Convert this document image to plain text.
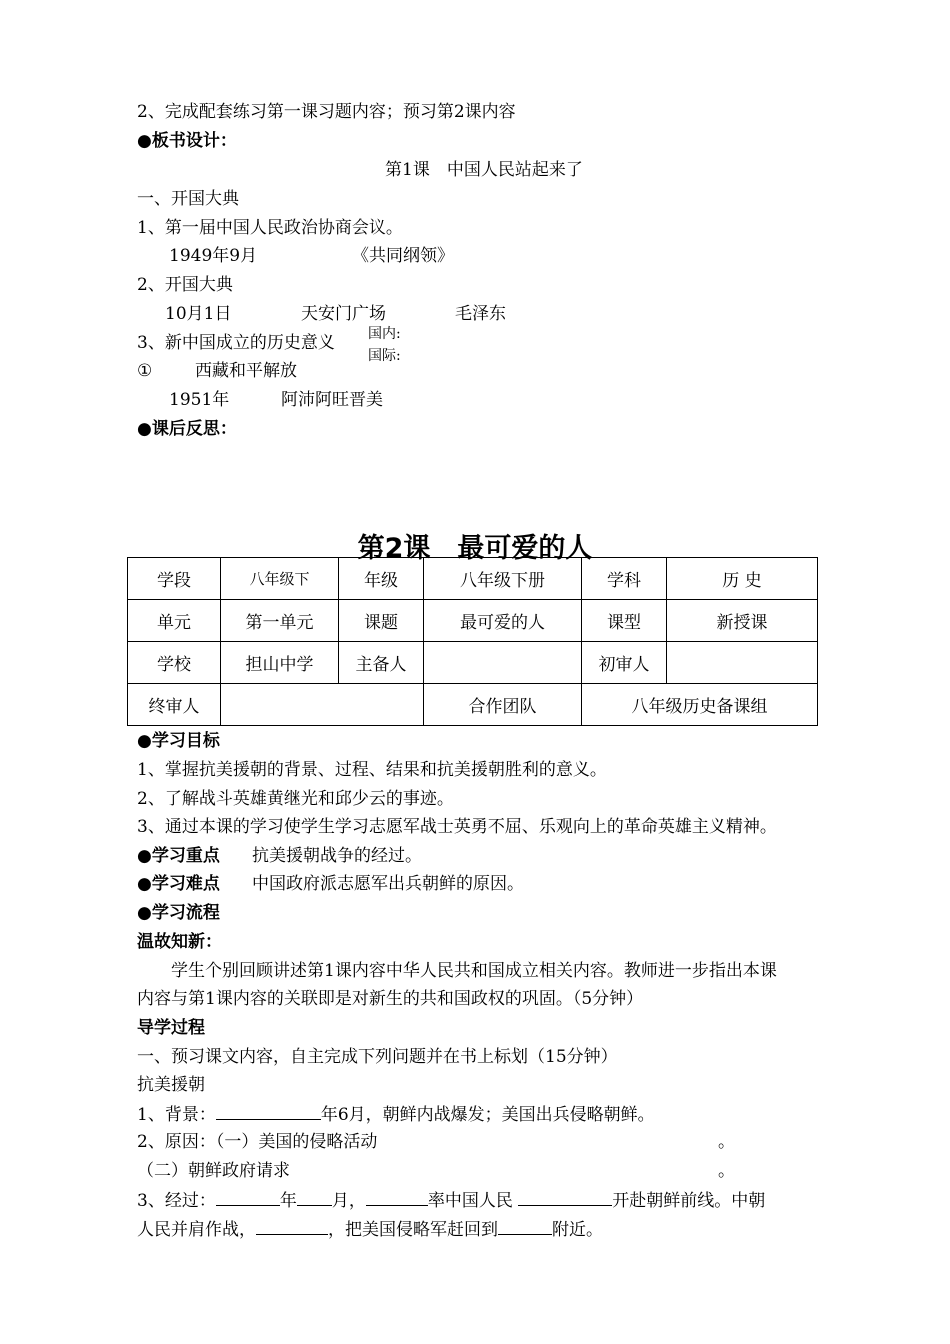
2、完成配套练习第一课习题内容；预习第2课内容
●板书设计：
第1课　中国人民站起来了
一、开国大典
1、第一届中国人民政治协商会议。
1949年9月	《共同纲领》
2、开国大典
10月1日	天安门广场	毛泽东
3、新中国成立的历史意义 国内:
国际:
①	西藏和平解放
1951年	阿沛阿旺晋美
●课后反思：
第2课　最可爱的人
学段	八年级下	年级	八年级下册	学科	历 史
单元	第一单元	课题	最可爱的人	课型	新授课
学校	担山中学	主备人		初审人	
终审人			合作团队	八年级历史备课组	
●学习目标
1、掌握抗美援朝的背景、过程、结果和抗美援朝胜利的意义。
2、了解战斗英雄黄继光和邱少云的事迹。
3、通过本课的学习使学生学习志愿军战士英勇不屈、乐观向上的革命英雄主义精神。
●学习重点 抗美援朝战争的经过。
●学习难点 中国政府派志愿军出兵朝鲜的原因。
●学习流程
温故知新：
学生个别回顾讲述第1课内容中华人民共和国成立相关内容。教师进一步指出本课
内容与第1课内容的关联即是对新生的共和国政权的巩固。（5分钟）
导学过程
一、预习课文内容，自主完成下列问题并在书上标划（15分钟）
抗美援朝
1、背景：	年6月，朝鲜内战爆发；美国出兵侵略朝鲜。
2、原因：（一）美国的侵略活动	。
（二）朝鲜政府请求	。
3、经过：	年 月，	率中国人民	开赴朝鲜前线。中朝
人民并肩作战，	，把美国侵略军赶回到	附近。
